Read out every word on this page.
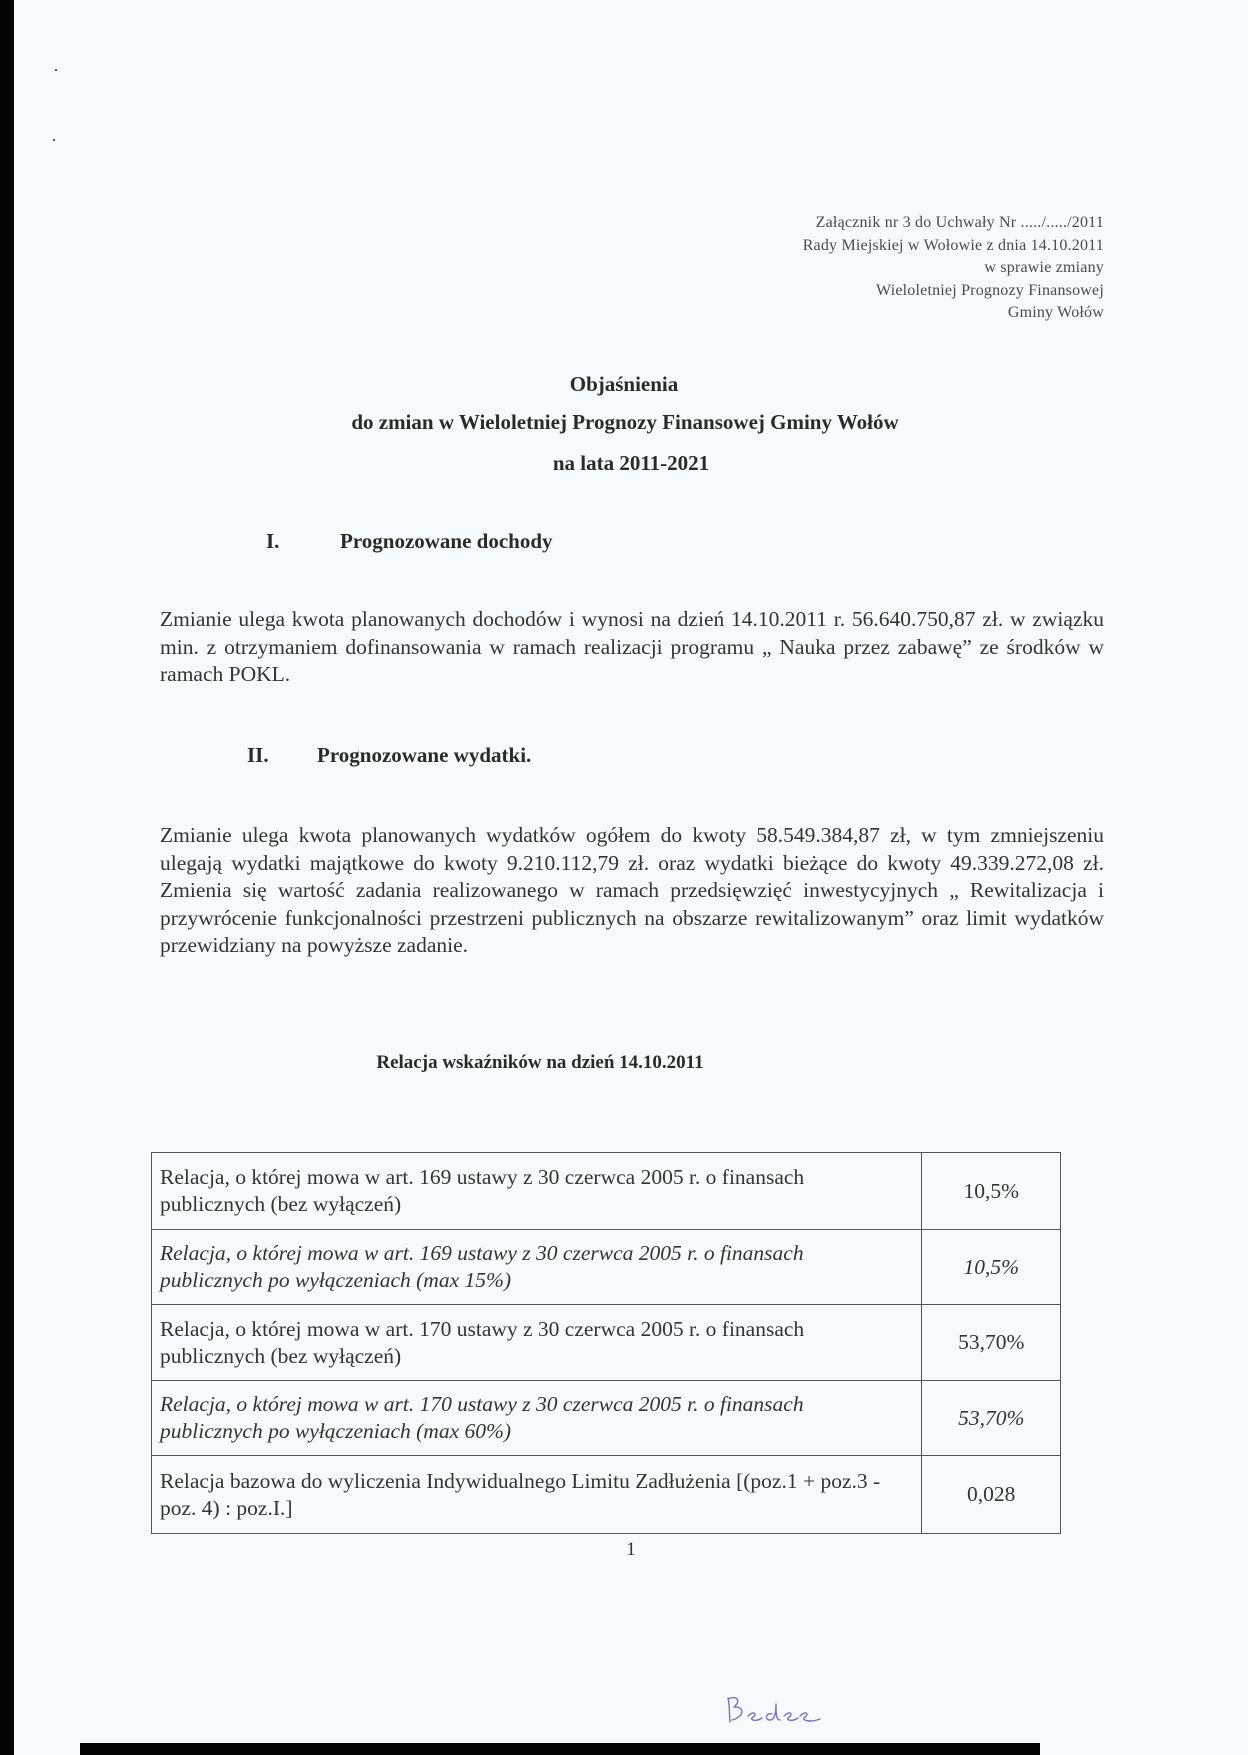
Załącznik nr 3 do Uchwały Nr ...../...../2011
Rady Miejskiej w Wołowie z dnia 14.10.2011
w sprawie zmiany
Wieloletniej Prognozy Finansowej
Gminy Wołów
Objaśnienia
do zmian w Wieloletniej Prognozy Finansowej Gminy Wołów
na lata 2011-2021
I.	Prognozowane dochody
Zmianie ulega kwota planowanych dochodów i wynosi na dzień 14.10.2011 r. 56.640.750,87 zł. w związku min. z otrzymaniem dofinansowania w ramach realizacji programu „ Nauka przez zabawę” ze środków w ramach POKL.
II. Prognozowane wydatki.
Zmianie ulega kwota planowanych wydatków ogółem do kwoty 58.549.384,87 zł, w tym zmniejszeniu ulegają wydatki majątkowe do kwoty 9.210.112,79 zł. oraz wydatki bieżące do kwoty 49.339.272,08 zł. Zmienia się wartość zadania realizowanego w ramach przedsięwzięć inwestycyjnych „ Rewitalizacja i przywrócenie funkcjonalności przestrzeni publicznych na obszarze rewitalizowanym” oraz limit wydatków przewidziany na powyższe zadanie.
Relacja wskaźników na dzień 14.10.2011
Relacja, o której mowa w art. 169 ustawy z 30 czerwca 2005 r. o finansach publicznych (bez wyłączeń)	10,5%
Relacja, o której mowa w art. 169 ustawy z 30 czerwca 2005 r. o finansach publicznych po wyłączeniach (max 15%)	10,5%
Relacja, o której mowa w art. 170 ustawy z 30 czerwca 2005 r. o finansach publicznych (bez wyłączeń)	53,70%
Relacja, o której mowa w art. 170 ustawy z 30 czerwca 2005 r. o finansach publicznych po wyłączeniach (max 60%)	53,70%
Relacja bazowa do wyliczenia Indywidualnego Limitu Zadłużenia [(poz.1 + poz.3 - poz. 4) : poz.I.]	0,028
1
